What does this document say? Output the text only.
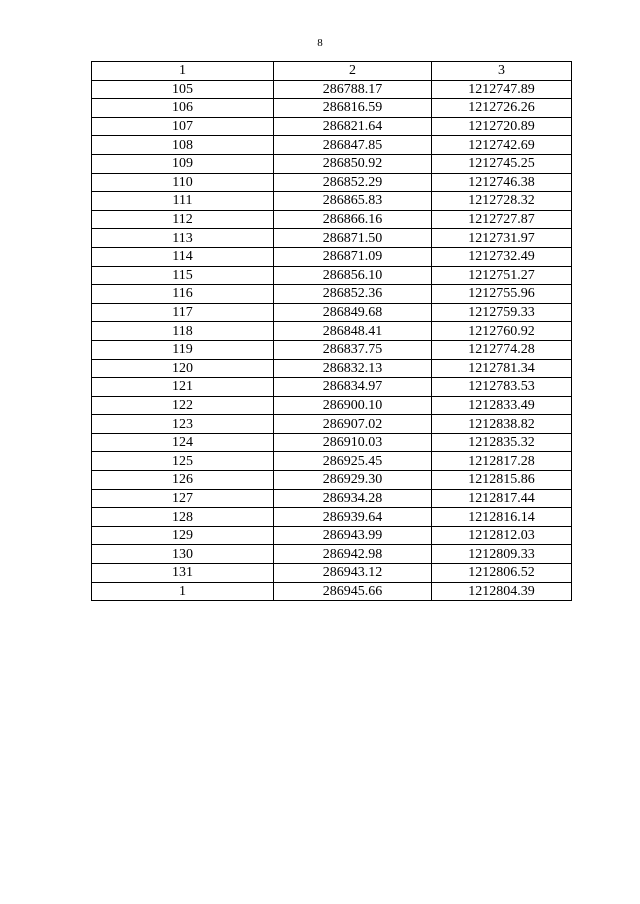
8
1	2	3
105	286788.17	1212747.89
106	286816.59	1212726.26
107	286821.64	1212720.89
108	286847.85	1212742.69
109	286850.92	1212745.25
110	286852.29	1212746.38
111	286865.83	1212728.32
112	286866.16	1212727.87
113	286871.50	1212731.97
114	286871.09	1212732.49
115	286856.10	1212751.27
116	286852.36	1212755.96
117	286849.68	1212759.33
118	286848.41	1212760.92
119	286837.75	1212774.28
120	286832.13	1212781.34
121	286834.97	1212783.53
122	286900.10	1212833.49
123	286907.02	1212838.82
124	286910.03	1212835.32
125	286925.45	1212817.28
126	286929.30	1212815.86
127	286934.28	1212817.44
128	286939.64	1212816.14
129	286943.99	1212812.03
130	286942.98	1212809.33
131	286943.12	1212806.52
1	286945.66	1212804.39
